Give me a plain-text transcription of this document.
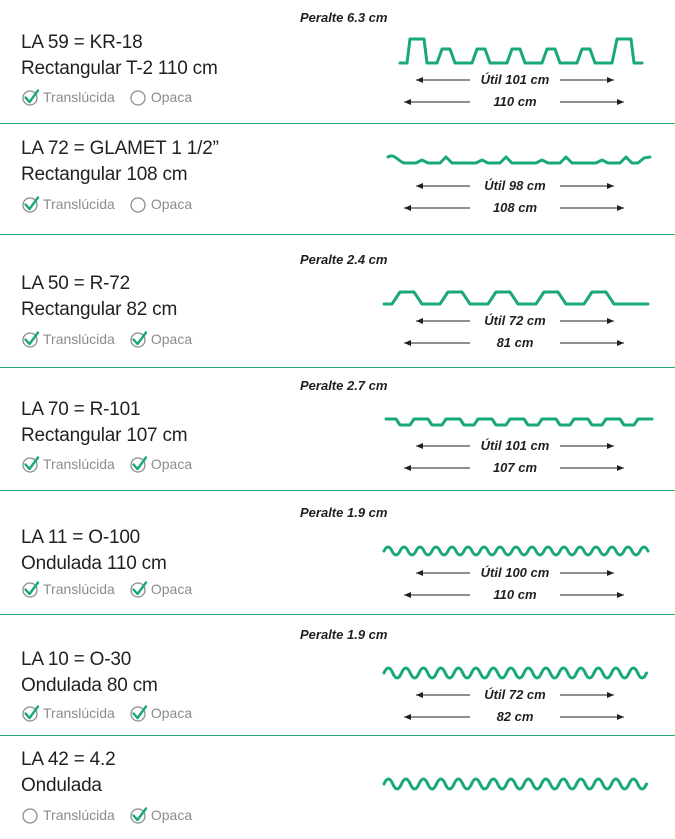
LA 59 = KR-18
Rectangular T-2 110 cm
Translúcida	Opaca
Peralte 6.3 cm
Útil 101 cm
110 cm
LA 72 = GLAMET 1 1/2”
Rectangular 108 cm
Translúcida	Opaca
Útil 98 cm
108 cm
LA 50 = R-72
Rectangular 82 cm
Translúcida	Opaca
Peralte 2.4 cm
Útil 72 cm
81 cm
LA 70 = R-101
Rectangular 107 cm
Translúcida	Opaca
Peralte 2.7 cm
Útil 101 cm
107 cm
LA 11 = O-100
Ondulada 110 cm
Translúcida	Opaca
Peralte 1.9 cm
Útil 100 cm
110 cm
LA 10 = O-30
Ondulada 80 cm
Translúcida	Opaca
Peralte 1.9 cm
Útil 72 cm
82 cm
LA 42 = 4.2
Ondulada
Translúcida	Opaca
